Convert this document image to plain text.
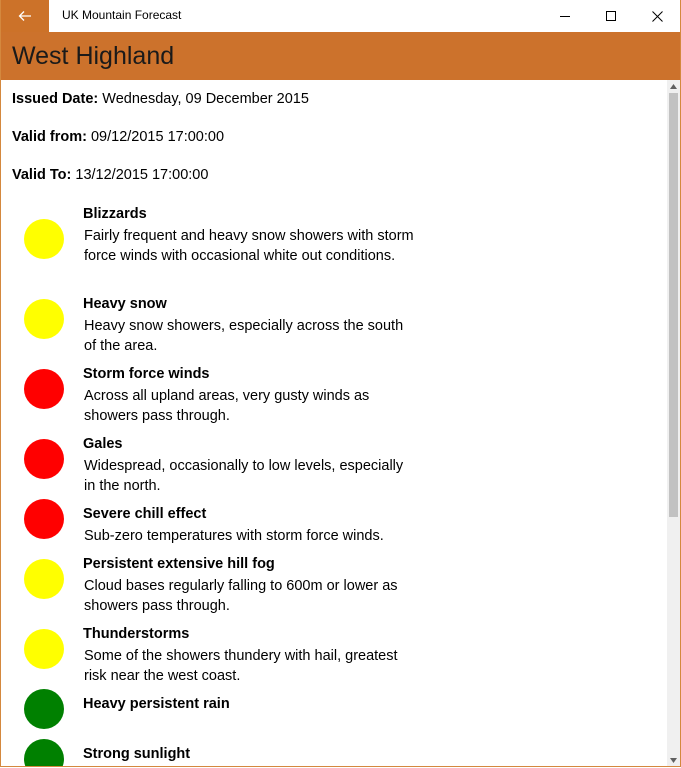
UK Mountain Forecast
West Highland
Issued Date: Wednesday, 09 December 2015
Valid from: 09/12/2015 17:00:00
Valid To: 13/12/2015 17:00:00
Blizzards
Fairly frequent and heavy snow showers with storm force winds with occasional white out conditions.
Heavy snow
Heavy snow showers, especially across the south of the area.
Storm force winds
Across all upland areas, very gusty winds as showers pass through.
Gales
Widespread, occasionally to low levels, especially in the north.
Severe chill effect
Sub-zero temperatures with storm force winds.
Persistent extensive hill fog
Cloud bases regularly falling to 600m or lower as showers pass through.
Thunderstorms
Some of the showers thundery with hail, greatest risk near the west coast.
Heavy persistent rain
Strong sunlight
